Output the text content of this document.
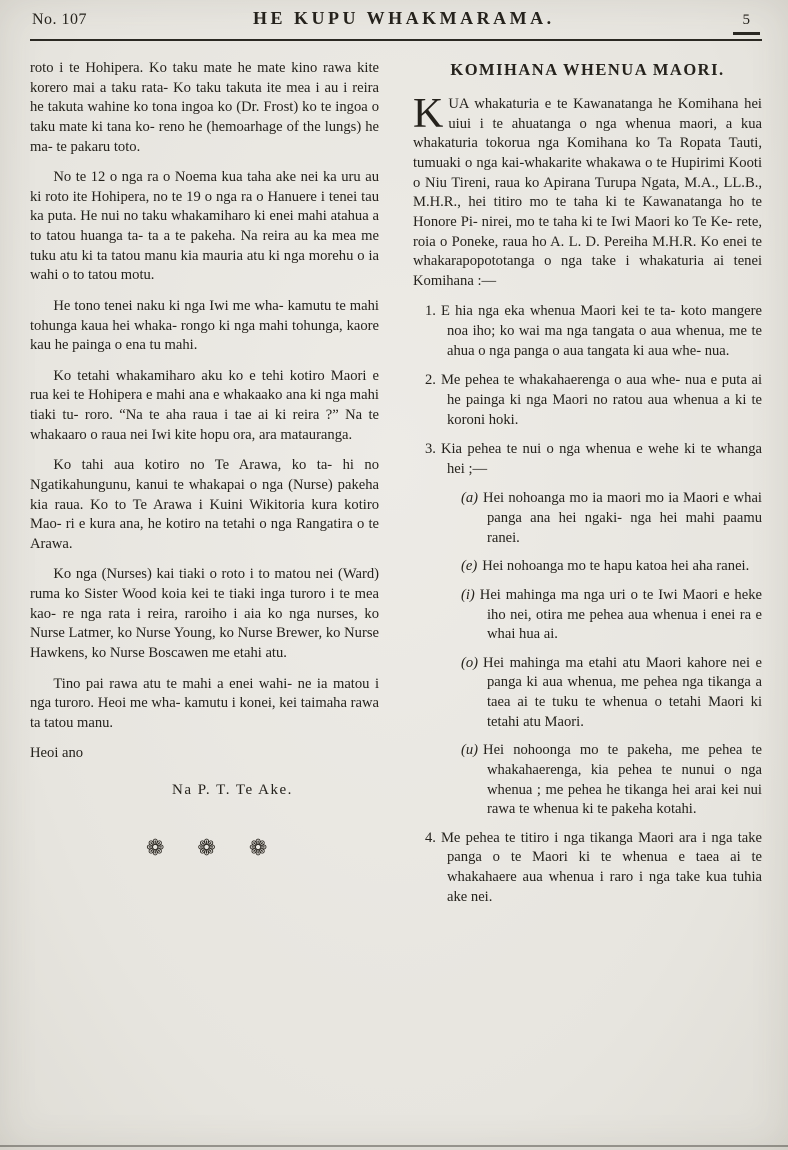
No. 107	HE KUPU WHAKMARAMA.	5

roto i te Hohipera. Ko taku mate he mate kino rawa kite korero mai a taku rata- Ko taku takuta ite mea i au i reira he takuta wahine ko tona ingoa ko (Dr. Frost) ko te ingoa o taku mate ki tana ko- reno he (hemoarhage of the lungs) he ma- te pakaru toto.

No te 12 o nga ra o Noema kua taha ake nei ka uru au ki roto ite Hohipera, no te 19 o nga ra o Hanuere i tenei tau ka puta. He nui no taku whakamiharo ki enei mahi atahua a to tatou huanga ta- ta a te pakeha. Na reira au ka mea me tuku atu ki ta tatou manu kia mauria atu ki nga morehu o ia wahi o to tatou motu.

He tono tenei naku ki nga Iwi me wha- kamutu te mahi tohunga kaua hei whaka- rongo ki nga mahi tohunga, kaore kau he painga o ena tu mahi.

Ko tetahi whakamiharo aku ko e tehi kotiro Maori e rua kei te Hohipera e mahi ana e whakaako ana ki nga mahi tiaki tu- roro. “Na te aha raua i tae ai ki reira ?” Na te whakaaro o raua nei Iwi kite hopu ora, ara matauranga.

Ko tahi aua kotiro no Te Arawa, ko ta- hi no Ngatikahungunu, kanui te whakapai o nga (Nurse) pakeha kia raua. Ko to Te Arawa i Kuini Wikitoria kura kotiro Mao- ri e kura ana, he kotiro na tetahi o nga Rangatira o te Arawa.

Ko nga (Nurses) kai tiaki o roto i to matou nei (Ward) ruma ko Sister Wood koia kei te tiaki inga turoro i te mea kao- re nga rata i reira, raroiho i aia ko nga nurses, ko Nurse Latmer, ko Nurse Young, ko Nurse Brewer, ko Nurse Hawkens, ko Nurse Boscawen me etahi atu.

Tino pai rawa atu te mahi a enei wahi- ne ia matou i nga turoro. Heoi me wha- kamutu i konei, kei taimaha rawa ta tatou manu.

Heoi ano

Na P. T. Te Ake.
❁ ❁ ❁
KOMIHANA WHENUA MAORI.

KUA whakaturia e te Kawanatanga he Komihana hei uiui i te ahuatanga o nga whenua maori, a kua whakaturia tokorua nga Komihana ko Ta Ropata Tauti, tumuaki o nga kai-whakarite whakawa o te Hupirimi Kooti o Niu Tireni, raua ko Apirana Turupa Ngata, M.A., LL.B., M.H.R., hei titiro mo te taha ki te Kawanatanga ho te Honore Pi- nirei, mo te taha ki te Iwi Maori ko Te Ke- rete, roia o Poneke, raua ho A. L. D. Pereiha M.H.R. Ko enei te whakarapopototanga o nga take i whakaturia ai tenei Komihana :—

1. E hia nga eka whenua Maori kei te ta- koto mangere noa iho; ko wai ma nga tangata o aua whenua, me te ahua o nga panga o aua tangata ki aua whe- nua.
2. Me pehea te whakahaerenga o aua whe- nua e puta ai he painga ki nga Maori no ratou aua whenua a ki te koroni hoki.
3. Kia pehea te nui o nga whenua e wehe ki te whanga hei ;—
(a) Hei nohoanga mo ia maori mo ia Maori e whai panga ana hei ngaki- nga hei mahi paamu ranei.
(e) Hei nohoanga mo te hapu katoa hei aha ranei.
(i) Hei mahinga ma nga uri o te Iwi Maori e heke iho nei, otira me pehea aua whenua i enei ra e whai hua ai.
(o) Hei mahinga ma etahi atu Maori kahore nei e panga ki aua whenua, me pehea nga tikanga a taea ai te tuku te whenua o tetahi Maori ki tetahi atu Maori.
(u) Hei nohoonga mo te pakeha, me pehea te whakahaerenga, kia pehea te nunui o nga whenua ; me pehea he tikanga hei arai kei nui rawa te whenua ki te pakeha kotahi.
4. Me pehea te titiro i nga tikanga Maori ara i nga take panga o te Maori ki te whenua e taea ai te whakahaere aua whenua i raro i nga take kua tuhia ake nei.
